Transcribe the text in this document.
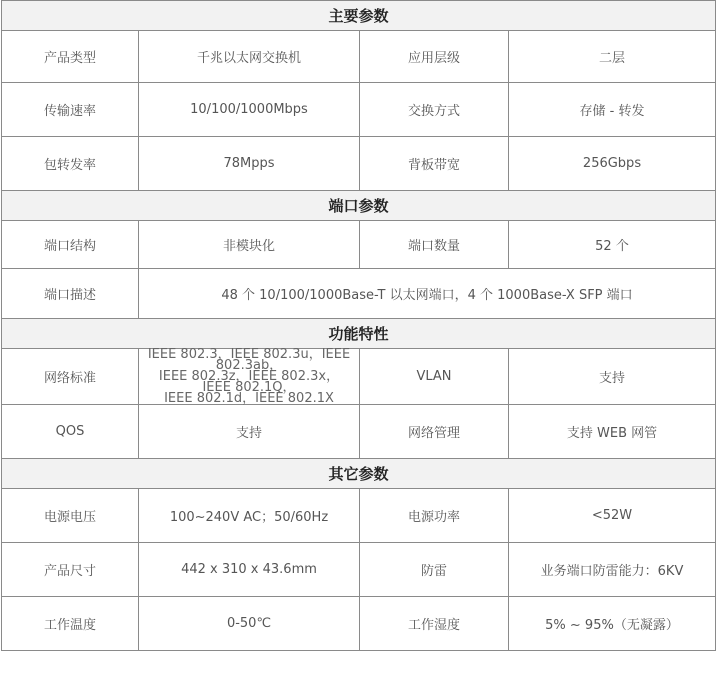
主要参数			
产品类型	千兆以太网交换机	应用层级	二层
传输速率	10/100/1000Mbps	交换方式	存储 - 转发
包转发率	78Mpps	背板带宽	256Gbps
端口参数			
端口结构	非模块化	端口数量	52 个
端口描述	48 个 10/100/1000Base-T 以太网端口，4 个 1000Base-X SFP 端口		
功能特性			
网络标准	IEEE 802.3，IEEE 802.3u，IEEE 802.3ab，
IEEE 802.3z，IEEE 802.3x，IEEE 802.1Q，
IEEE 802.1d，IEEE 802.1X	VLAN	支持
QOS	支持	网络管理	支持 WEB 网管
其它参数			
电源电压	100~240V AC；50/60Hz	电源功率	<52W
产品尺寸	442 x 310 x 43.6mm	防雷	业务端口防雷能力：6KV
工作温度	0-50℃	工作湿度	5% ~ 95%（无凝露）
